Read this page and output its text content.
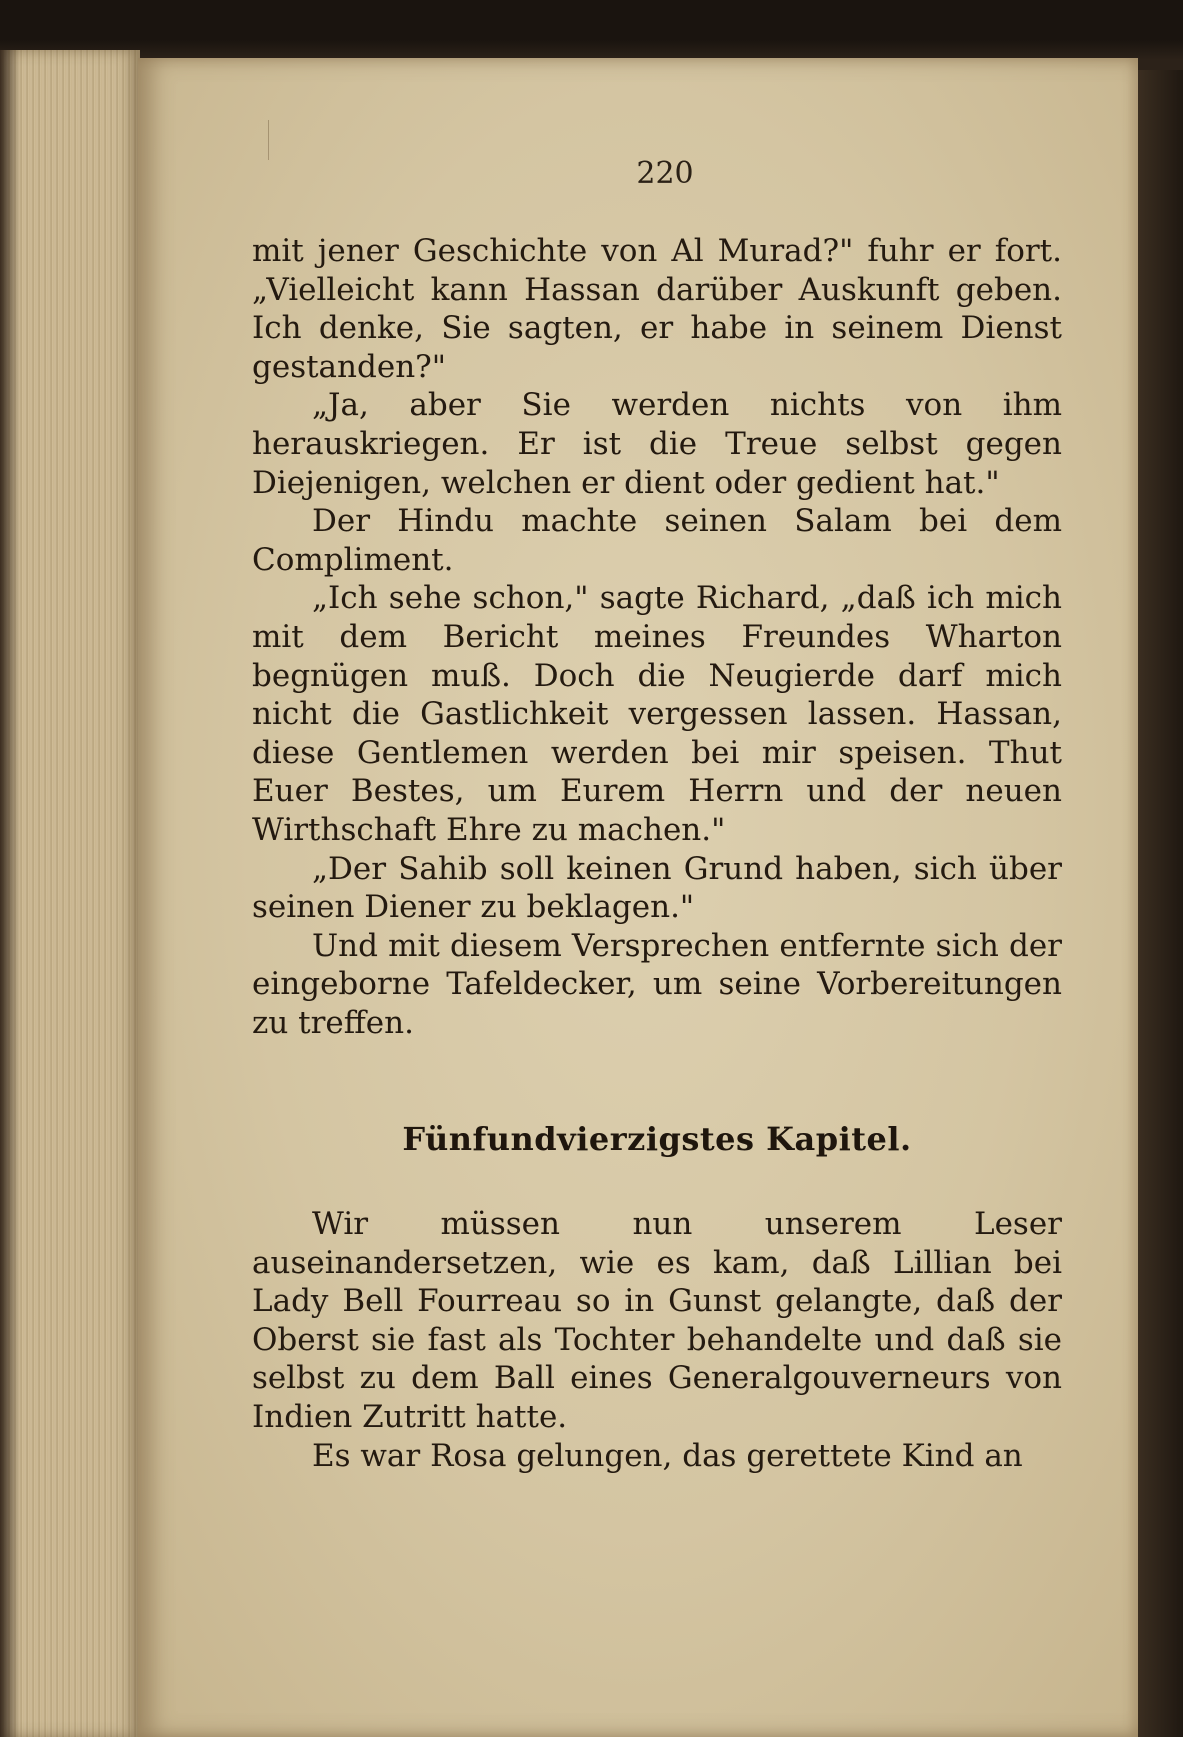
220

mit jener Geschichte von Al Murad?" fuhr er fort. „Vielleicht kann Hassan darüber Auskunft geben. Ich denke, Sie sagten, er habe in seinem Dienst gestanden?"

„Ja, aber Sie werden nichts von ihm herauskriegen. Er ist die Treue selbst gegen Diejenigen, welchen er dient oder gedient hat."

Der Hindu machte seinen Salam bei dem Compliment.

„Ich sehe schon," sagte Richard, „daß ich mich mit dem Bericht meines Freundes Wharton begnügen muß. Doch die Neugierde darf mich nicht die Gastlichkeit vergessen lassen. Hassan, diese Gentlemen werden bei mir speisen. Thut Euer Bestes, um Eurem Herrn und der neuen Wirthschaft Ehre zu machen."

„Der Sahib soll keinen Grund haben, sich über seinen Diener zu beklagen."

Und mit diesem Versprechen entfernte sich der eingeborne Tafeldecker, um seine Vorbereitungen zu treffen.

Fünfundvierzigstes Kapitel.

Wir müssen nun unserem Leser auseinandersetzen, wie es kam, daß Lillian bei Lady Bell Fourreau so in Gunst gelangte, daß der Oberst sie fast als Tochter behandelte und daß sie selbst zu dem Ball eines Generalgouverneurs von Indien Zutritt hatte.

Es war Rosa gelungen, das gerettete Kind an
